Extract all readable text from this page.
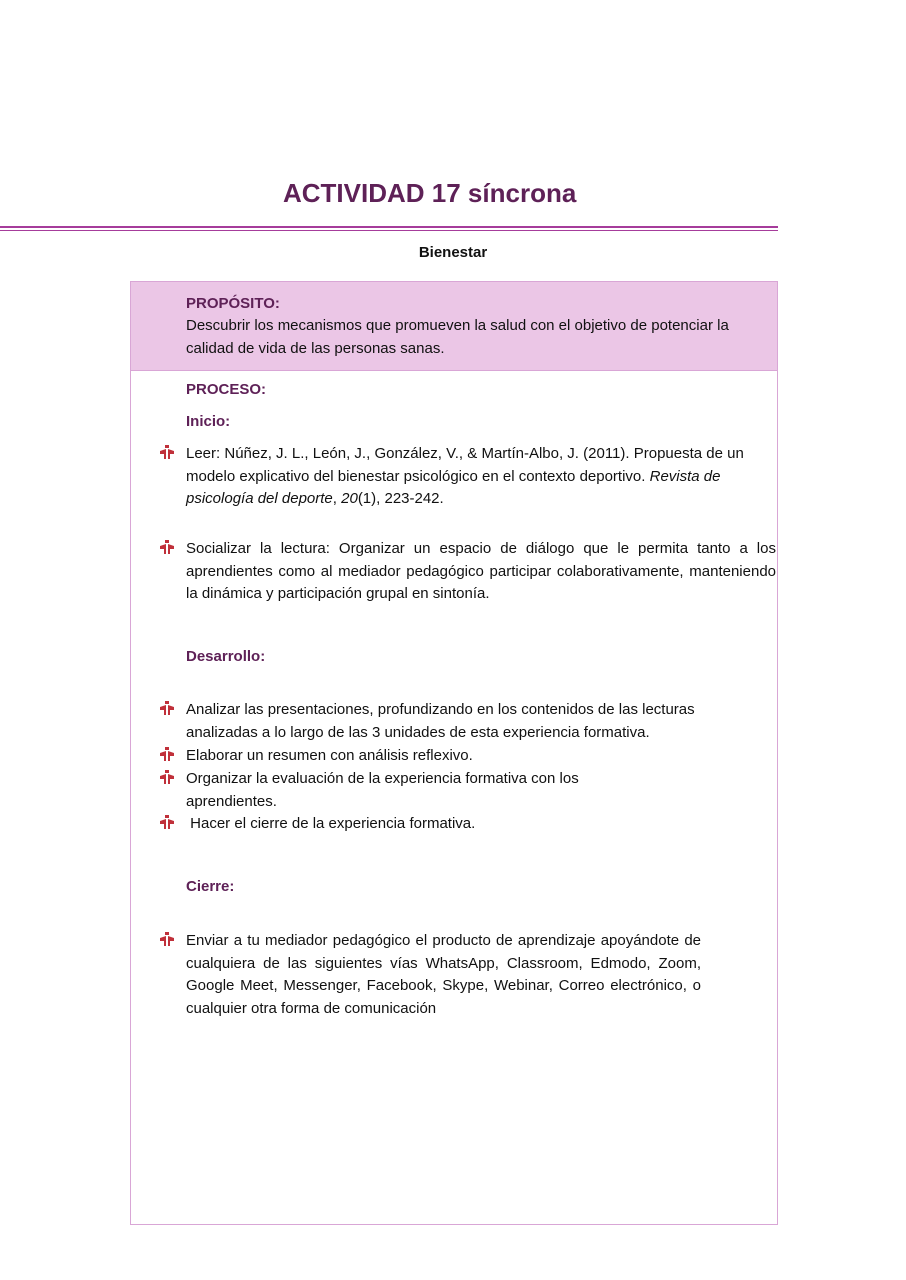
ACTIVIDAD 17 síncrona
Bienestar
PROPÓSITO:
Descubrir los mecanismos que promueven la salud con el objetivo de potenciar la calidad de vida de las personas sanas.
PROCESO:
Inicio:
Leer: Núñez, J. L., León, J., González, V., & Martín-Albo, J. (2011). Propuesta de un modelo explicativo del bienestar psicológico en el contexto deportivo. Revista de psicología del deporte, 20(1), 223-242.
Socializar la lectura: Organizar un espacio de diálogo que le permita tanto a los aprendientes como al mediador pedagógico participar colaborativamente, manteniendo la dinámica y participación grupal en sintonía.
Desarrollo:
Analizar las presentaciones, profundizando en los contenidos de las lecturas analizadas a lo largo de las 3 unidades de esta experiencia formativa.
Elaborar un resumen con análisis reflexivo.
Organizar la evaluación de la experiencia formativa con los aprendientes.
Hacer el cierre de la experiencia formativa.
Cierre:
Enviar a tu mediador pedagógico el producto de aprendizaje apoyándote de cualquiera de las siguientes vías WhatsApp, Classroom, Edmodo, Zoom, Google Meet, Messenger, Facebook, Skype, Webinar, Correo electrónico, o cualquier otra forma de comunicación
